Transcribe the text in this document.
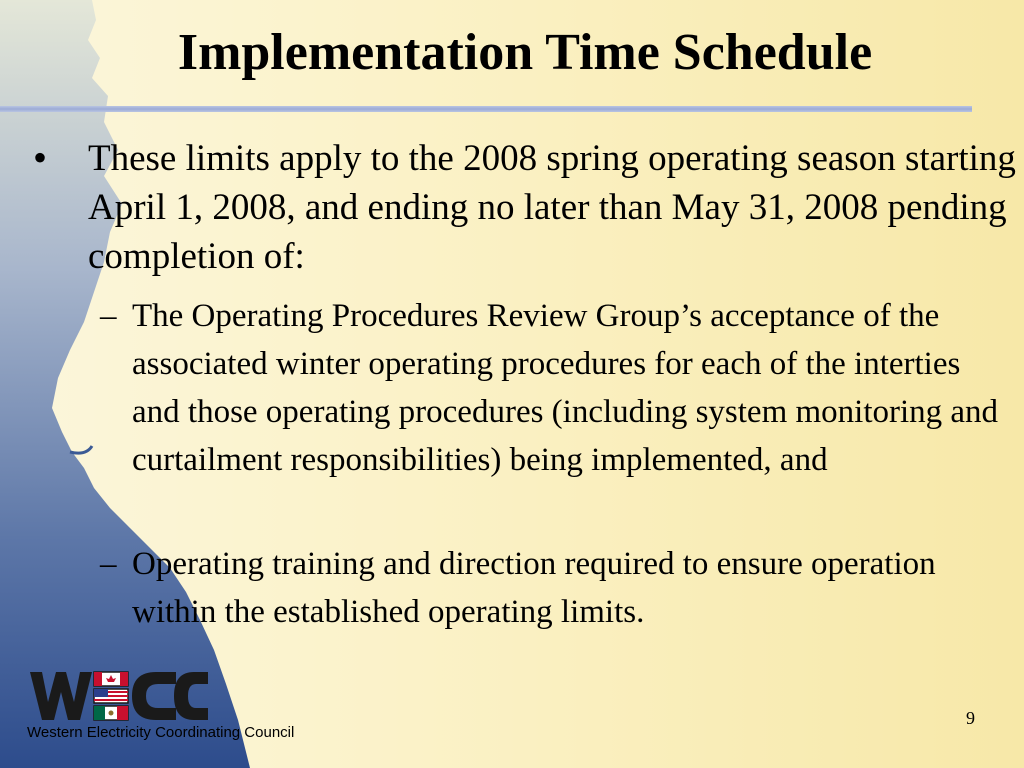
Implementation Time Schedule
• These limits apply to the 2008 spring operating season starting April 1, 2008, and ending no later than May 31, 2008 pending completion of:
– The Operating Procedures Review Group’s acceptance of the associated winter operating procedures for each of the interties and those operating procedures (including system monitoring and curtailment responsibilities) being implemented, and
– Operating training and direction required to ensure operation within the established operating limits.
Western Electricity Coordinating Council
9
